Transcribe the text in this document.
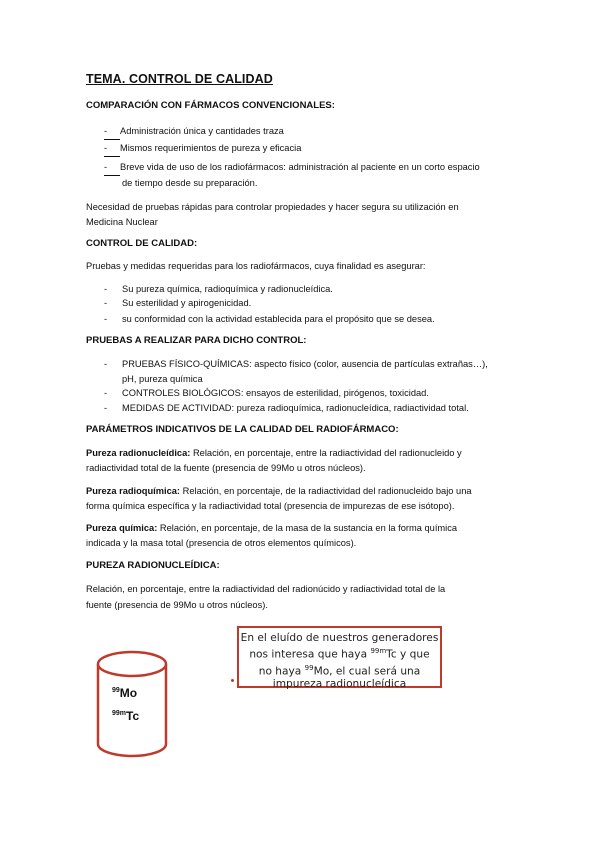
TEMA. CONTROL DE CALIDAD
COMPARACIÓN CON FÁRMACOS CONVENCIONALES:
- Administración única y cantidades traza
- Mismos requerimientos de pureza y eficacia
- Breve vida de uso de los radiofármacos: administración al paciente en un corto espacio
de tiempo desde su preparación.
Necesidad de pruebas rápidas para controlar propiedades y hacer segura su utilización en
Medicina Nuclear
CONTROL DE CALIDAD:
Pruebas y medidas requeridas para los radiofármacos, cuya finalidad es asegurar:
- Su pureza química, radioquímica y radionucleídica.
- Su esterilidad y apirogenicidad.
- su conformidad con la actividad establecida para el propósito que se desea.
PRUEBAS A REALIZAR PARA DICHO CONTROL:
- PRUEBAS FÍSICO-QUÍMICAS: aspecto físico (color, ausencia de partículas extrañas…),
pH, pureza química
- CONTROLES BIOLÓGICOS: ensayos de esterilidad, pirógenos, toxicidad.
- MEDIDAS DE ACTIVIDAD: pureza radioquímica, radionucleídica, radiactividad total.
PARÁMETROS INDICATIVOS DE LA CALIDAD DEL RADIOFÁRMACO:
Pureza radionucleídica: Relación, en porcentaje, entre la radiactividad del radionucleido y
radiactividad total de la fuente (presencia de 99Mo u otros núcleos).
Pureza radioquímica: Relación, en porcentaje, de la radiactividad del radionucleido bajo una
forma química específica y la radiactividad total (presencia de impurezas de ese isótopo).
Pureza química: Relación, en porcentaje, de la masa de la sustancia en la forma química
indicada y la masa total (presencia de otros elementos químicos).
PUREZA RADIONUCLEÍDICA:
Relación, en porcentaje, entre la radiactividad del radionúcido y radiactividad total de la
fuente (presencia de 99Mo u otros núcleos).
$^{99}$Mo
$^{99m}$Tc
En el eluído de nuestros generadores
nos interesa que haya $^{99m}$Tc y que
no haya $^{99}$Mo, el cual será una
impureza radionucleídica
